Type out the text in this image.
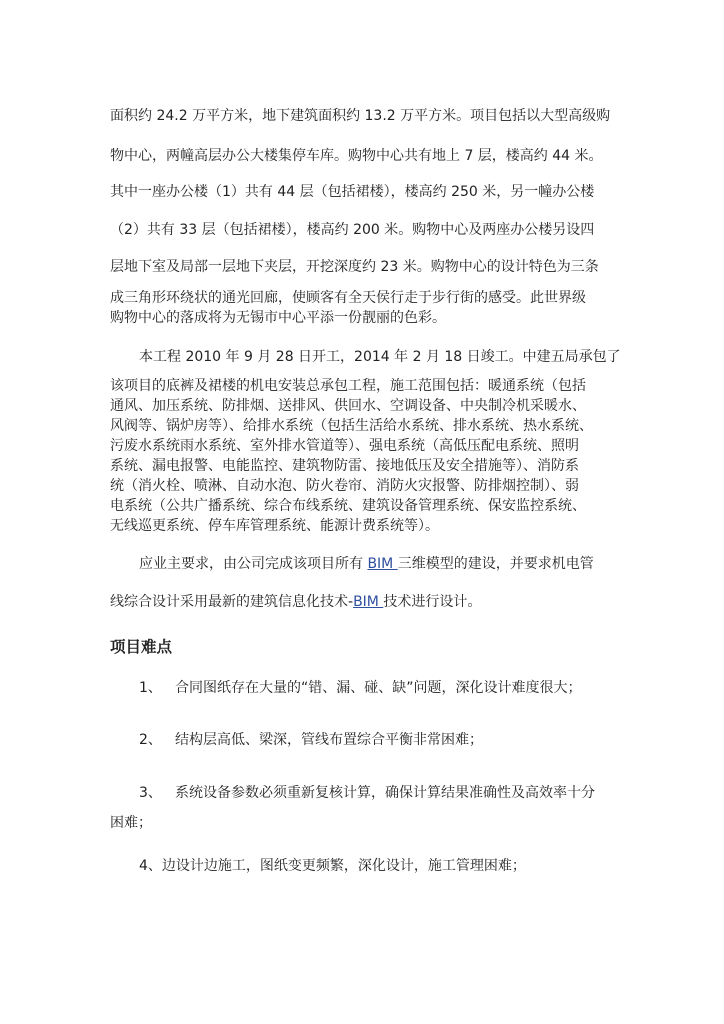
面积约 24.2 万平方米，地下建筑面积约 13.2 万平方米。项目包括以大型高级购
物中心，两幢高层办公大楼集停车库。购物中心共有地上 7 层，楼高约 44 米。
其中一座办公楼（1）共有 44 层（包括裙楼），楼高约 250 米，另一幢办公楼
（2）共有 33 层（包括裙楼），楼高约 200 米。购物中心及两座办公楼另设四
层地下室及局部一层地下夹层，开挖深度约 23 米。购物中心的设计特色为三条
成三角形环绕状的通光回廊，使顾客有全天侯行走于步行街的感受。此世界级
购物中心的落成将为无锡市中心平添一份靓丽的色彩。
本工程 2010 年 9 月 28 日开工，2014 年 2 月 18 日竣工。中建五局承包了
该项目的底裤及裙楼的机电安装总承包工程，施工范围包括：暖通系统（包括
通风、加压系统、防排烟、送排风、供回水、空调设备、中央制冷机采暖水、
风阀等、锅炉房等）、给排水系统（包括生活给水系统、排水系统、热水系统、
污废水系统雨水系统、室外排水管道等）、强电系统（高低压配电系统、照明
系统、漏电报警、电能监控、建筑物防雷、接地低压及安全措施等）、消防系
统（消火栓、喷淋、自动水泡、防火卷帘、消防火灾报警、防排烟控制）、弱
电系统（公共广播系统、综合布线系统、建筑设备管理系统、保安监控系统、
无线巡更系统、停车库管理系统、能源计费系统等）。
应业主要求，由公司完成该项目所有 BIM 三维模型的建设，并要求机电管
线综合设计采用最新的建筑信息化技术-BIM 技术进行设计。
项目难点
1、 合同图纸存在大量的“错、漏、碰、缺”问题，深化设计难度很大；
2、 结构层高低、梁深，管线布置综合平衡非常困难；
3、 系统设备参数必须重新复核计算，确保计算结果准确性及高效率十分
困难；
4、边设计边施工，图纸变更频繁，深化设计，施工管理困难；
